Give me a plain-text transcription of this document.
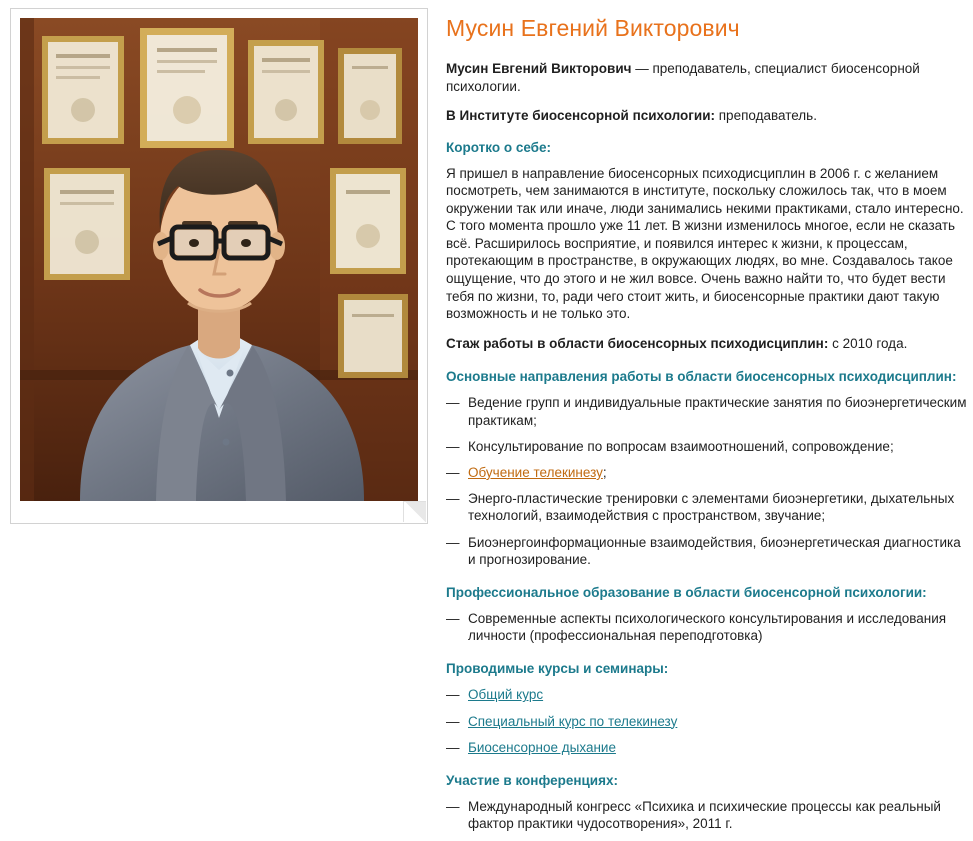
Мусин Евгений Викторович

Мусин Евгений Викторович — преподаватель, специалист биосенсорной психологии.

В Институте биосенсорной психологии: преподаватель.

Коротко о себе:

Я пришел в направление биосенсорных психодисциплин в 2006 г. с желанием посмотреть, чем занимаются в институте, поскольку сложилось так, что в моем окружении так или иначе, люди занимались некими практиками, стало интересно. С того момента прошло уже 11 лет. В жизни изменилось многое, если не сказать всё. Расширилось восприятие, и появился интерес к жизни, к процессам, протекающим в пространстве, в окружающих людях, во мне. Создавалось такое ощущение, что до этого и не жил вовсе. Очень важно найти то, что будет вести тебя по жизни, то, ради чего стоит жить, и биосенсорные практики дают такую возможность и не только это.

Стаж работы в области биосенсорных психодисциплин: с 2010 года.

Основные направления работы в области биосенсорных психодисциплин:
— Ведение групп и индивидуальные практические занятия по биоэнергетическим практикам;
— Консультирование по вопросам взаимоотношений, сопровождение;
— Обучение телекинезу;
— Энерго-пластические тренировки с элементами биоэнергетики, дыхательных технологий, взаимодействия с пространством, звучание;
— Биоэнергоинформационные взаимодействия, биоэнергетическая диагностика и прогнозирование.
Профессиональное образование в области биосенсорной психологии:
— Современные аспекты психологического консультирования и исследования личности (профессиональная переподготовка)
Проводимые курсы и семинары:
— Общий курс
— Специальный курс по телекинезу
— Биосенсорное дыхание
Участие в конференциях:
— Международный конгресс «Психика и психические процессы как реальный фактор практики чудосотворения», 2011 г.
